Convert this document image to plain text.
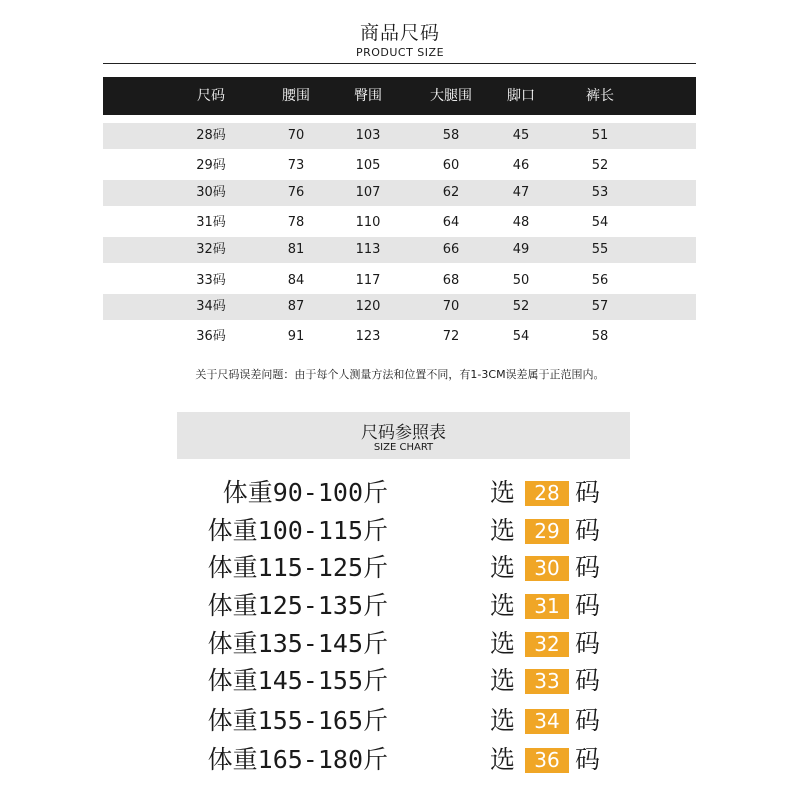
商品尺码
PRODUCT SIZE
尺码	腰围	臀围	大腿围	脚口	裤长
28码	70	103	58	45	51
29码	73	105	60	46	52
30码	76	107	62	47	53
31码	78	110	64	48	54
32码	81	113	66	49	55
33码	84	117	68	50	56
34码	87	120	70	52	57
36码	91	123	72	54	58
关于尺码误差问题：由于每个人测量方法和位置不同，有1-3CM误差属于正范围内。
尺码参照表
SIZE CHART
体重90-100斤	选 28 码
体重100-115斤	选 29 码
体重115-125斤	选 30 码
体重125-135斤	选 31 码
体重135-145斤	选 32 码
体重145-155斤	选 33 码
体重155-165斤	选 34 码
体重165-180斤	选 36 码
